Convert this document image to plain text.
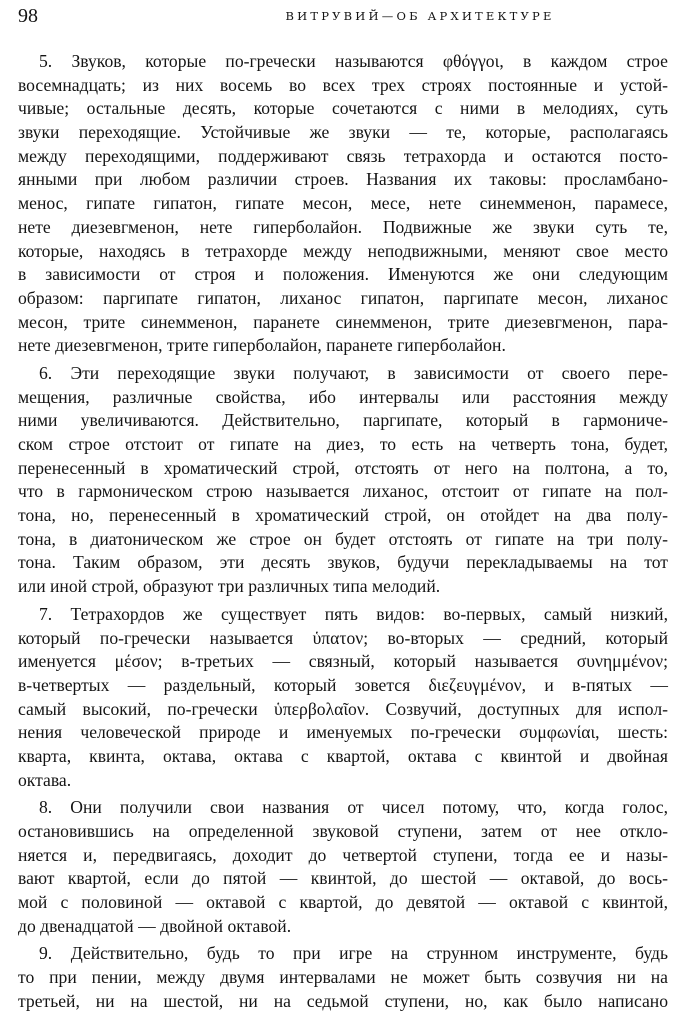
98	ВИТРУВИЙ—ОБ АРХИТЕКТУРЕ
5. Звуков, которые по-гречески называются φθόγγοι, в каждом строе
восемнадцать; из них восемь во всех трех строях постоянные и устой-
чивые; остальные десять, которые сочетаются с ними в мелодиях, суть
звуки переходящие. Устойчивые же звуки — те, которые, располагаясь
между переходящими, поддерживают связь тетрахорда и остаются посто-
янными при любом различии строев. Названия их таковы: просламбано-
менос, гипате гипатон, гипате месон, месе, нете синемменон, парамесе,
нете диезевгменон, нете гиперболайон. Подвижные же звуки суть те,
которые, находясь в тетрахорде между неподвижными, меняют свое место
в зависимости от строя и положения. Именуются же они следующим
образом: паргипате гипатон, лиханос гипатон, паргипате месон, лиханос
месон, трите синемменон, паранете синемменон, трите диезевгменон, пара-
нете диезевгменон, трите гиперболайон, паранете гиперболайон.
6. Эти переходящие звуки получают, в зависимости от своего пере-
мещения, различные свойства, ибо интервалы или расстояния между
ними увеличиваются. Действительно, паргипате, который в гармониче-
ском строе отстоит от гипате на диез, то есть на четверть тона, будет,
перенесенный в хроматический строй, отстоять от него на полтона, а то,
что в гармоническом строю называется лиханос, отстоит от гипате на пол-
тона, но, перенесенный в хроматический строй, он отойдет на два полу-
тона, в диатоническом же строе он будет отстоять от гипате на три полу-
тона. Таким образом, эти десять звуков, будучи перекладываемы на тот
или иной строй, образуют три различных типа мелодий.
7. Тетрахордов же существует пять видов: во-первых, самый низкий,
который по-гречески называется ὑπατον; во-вторых — средний, который
именуется μέσον; в-третьих — связный, который называется συνημμένον;
в-четвертых — раздельный, который зовется διεζευγμένον, и в-пятых —
самый высокий, по-гречески ὑπερβολαῖον. Созвучий, доступных для испол-
нения человеческой природе и именуемых по-гречески συμφωνίαι, шесть:
кварта, квинта, октава, октава с квартой, октава с квинтой и двойная
октава.
8. Они получили свои названия от чисел потому, что, когда голос,
остановившись на определенной звуковой ступени, затем от нее откло-
няется и, передвигаясь, доходит до четвертой ступени, тогда ее и назы-
вают квартой, если до пятой — квинтой, до шестой — октавой, до вось-
мой с половиной — октавой с квартой, до девятой — октавой с квинтой,
до двенадцатой — двойной октавой.
9. Действительно, будь то при игре на струнном инструменте, будь
то при пении, между двумя интервалами не может быть созвучия ни на
третьей, ни на шестой, ни на седьмой ступени, но, как было написано
